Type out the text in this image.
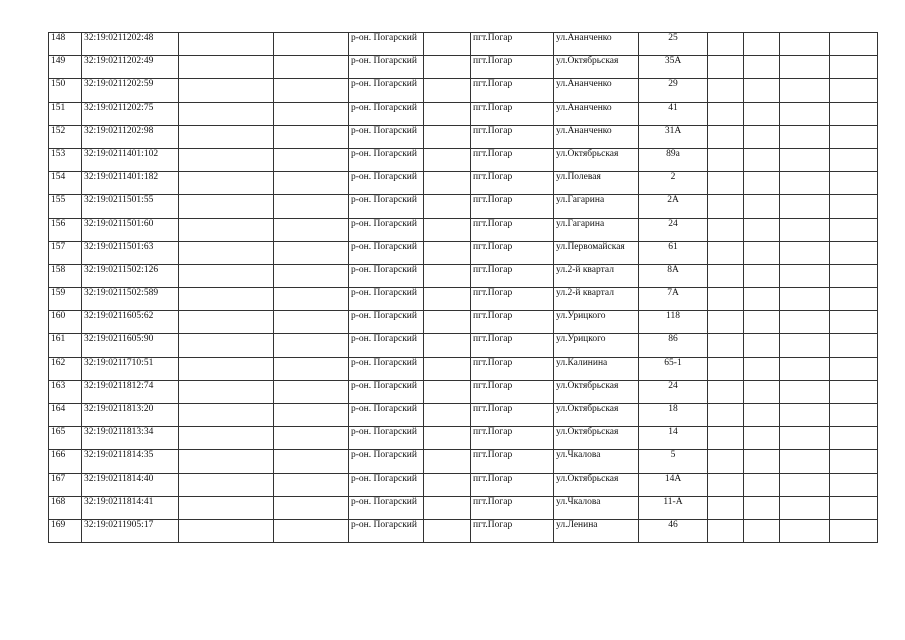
148	32:19:0211202:48			р-он. Погарский		пгт.Погар	ул.Ананченко	25				
149	32:19:0211202:49			р-он. Погарский		пгт.Погар	ул.Октябрьская	35А				
150	32:19:0211202:59			р-он. Погарский		пгт.Погар	ул.Ананченко	29				
151	32:19:0211202:75			р-он. Погарский		пгт.Погар	ул.Ананченко	41				
152	32:19:0211202:98			р-он. Погарский		пгт.Погар	ул.Ананченко	31А				
153	32:19:0211401:102			р-он. Погарский		пгт.Погар	ул.Октябрьская	89а				
154	32:19:0211401:182			р-он. Погарский		пгт.Погар	ул.Полевая	2				
155	32:19:0211501:55			р-он. Погарский		пгт.Погар	ул.Гагарина	2А				
156	32:19:0211501:60			р-он. Погарский		пгт.Погар	ул.Гагарина	24				
157	32:19:0211501:63			р-он. Погарский		пгт.Погар	ул.Первомайская	61				
158	32:19:0211502:126			р-он. Погарский		пгт.Погар	ул.2-й квартал	8А				
159	32:19:0211502:589			р-он. Погарский		пгт.Погар	ул.2-й квартал	7А				
160	32:19:0211605:62			р-он. Погарский		пгт.Погар	ул.Урицкого	118				
161	32:19:0211605:90			р-он. Погарский		пгт.Погар	ул.Урицкого	86				
162	32:19:0211710:51			р-он. Погарский		пгт.Погар	ул.Калинина	65-1				
163	32:19:0211812:74			р-он. Погарский		пгт.Погар	ул.Октябрьская	24				
164	32:19:0211813:20			р-он. Погарский		пгт.Погар	ул.Октябрьская	18				
165	32:19:0211813:34			р-он. Погарский		пгт.Погар	ул.Октябрьская	14				
166	32:19:0211814:35			р-он. Погарский		пгт.Погар	ул.Чкалова	5				
167	32:19:0211814:40			р-он. Погарский		пгт.Погар	ул.Октябрьская	14А				
168	32:19:0211814:41			р-он. Погарский		пгт.Погар	ул.Чкалова	11-А				
169	32:19:0211905:17			р-он. Погарский		пгт.Погар	ул.Ленина	46				
